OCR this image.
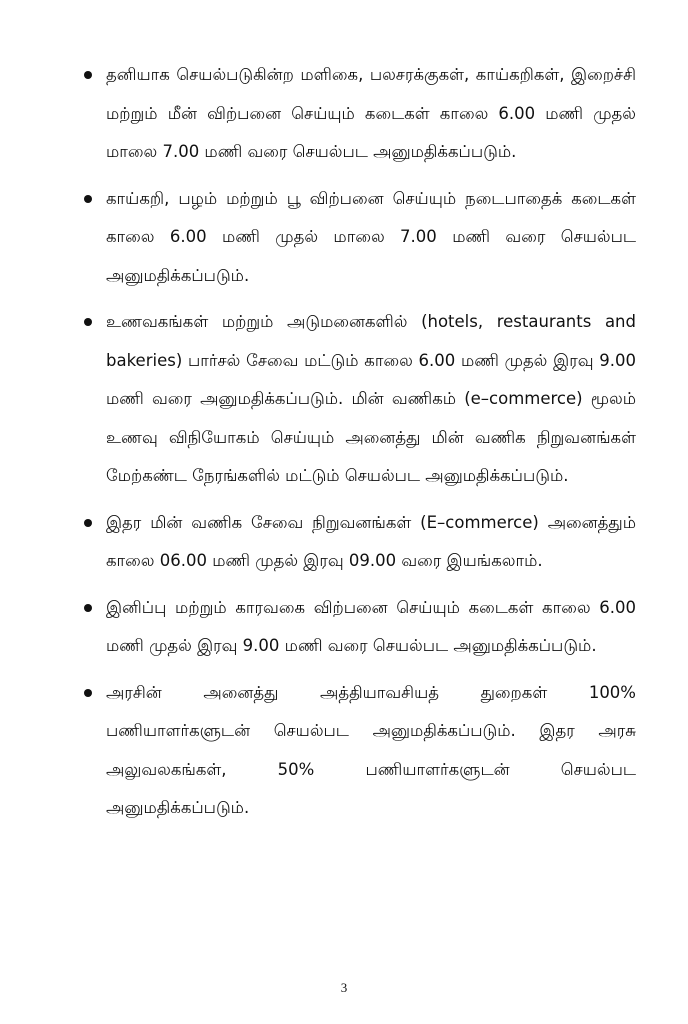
தனியாக செயல்படுகின்ற மளிகை, பலசரக்குகள், காய்கறிகள், இறைச்சி மற்றும் மீன் விற்பனை செய்யும் கடைகள் காலை 6.00 மணி முதல் மாலை 7.00 மணி வரை செயல்பட அனுமதிக்கப்படும்.
காய்கறி, பழம் மற்றும் பூ விற்பனை செய்யும் நடைபாதைக் கடைகள் காலை 6.00 மணி முதல் மாலை 7.00 மணி வரை செயல்பட அனுமதிக்கப்படும்.
உணவகங்கள் மற்றும் அடுமனைகளில் (hotels, restaurants and bakeries) பார்சல் சேவை மட்டும் காலை 6.00 மணி முதல் இரவு 9.00 மணி வரை அனுமதிக்கப்படும். மின் வணிகம் (e–commerce) மூலம் உணவு விநியோகம் செய்யும் அனைத்து மின் வணிக நிறுவனங்கள் மேற்கண்ட நேரங்களில் மட்டும் செயல்பட அனுமதிக்கப்படும்.
இதர மின் வணிக சேவை நிறுவனங்கள் (E–commerce) அனைத்தும் காலை 06.00 மணி முதல் இரவு 09.00 வரை இயங்கலாம்.
இனிப்பு மற்றும் காரவகை விற்பனை செய்யும் கடைகள் காலை 6.00 மணி முதல் இரவு 9.00 மணி வரை செயல்பட அனுமதிக்கப்படும்.
அரசின் அனைத்து அத்தியாவசியத் துறைகள் 100% பணியாளர்களுடன் செயல்பட அனுமதிக்கப்படும். இதர அரசு அலுவலகங்கள், 50% பணியாளர்களுடன் செயல்பட அனுமதிக்கப்படும்.
3
